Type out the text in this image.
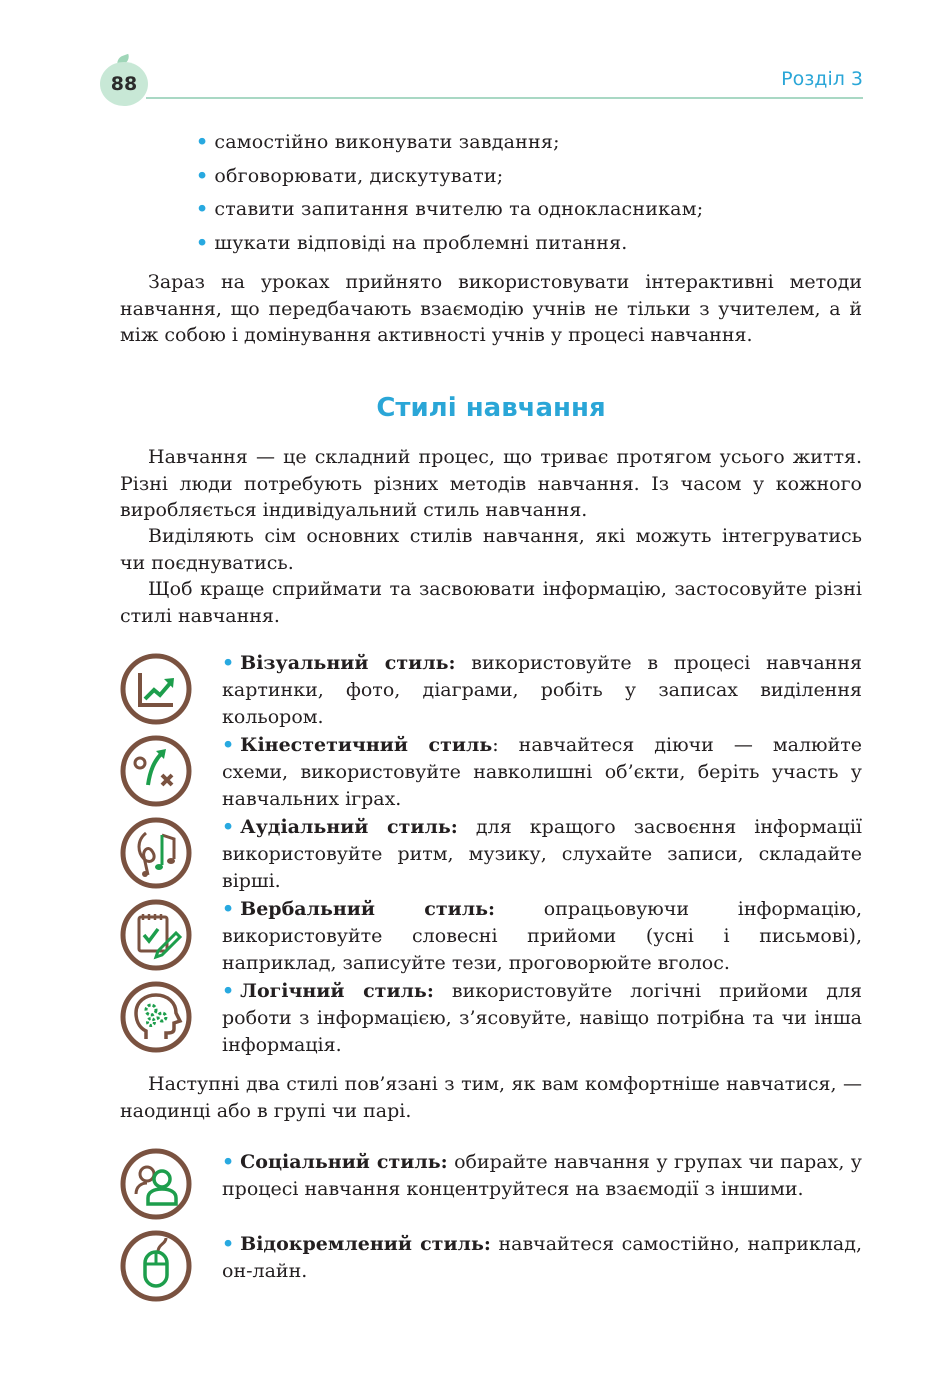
88	Розділ 3
• самостійно виконувати завдання;
• обговорювати, дискутувати;
• ставити запитання вчителю та однокласникам;
• шукати відповіді на проблемні питання.

Зараз на уроках прийнято використовувати інтерактивні методи навчання, що передбачають взаємодію учнів не тільки з учителем, а й між собою і домінування активності учнів у процесі навчання.

Стилі навчання

Навчання — це складний процес, що триває протягом усього життя. Різні люди потребують різних методів навчання. Із часом у кожного виробляється індивідуальний стиль навчання.

Виділяють сім основних стилів навчання, які можуть інтегруватись чи поєднуватись.

Щоб краще сприймати та засвоювати інформацію, застосовуйте різні стилі навчання.

• Візуальний стиль: використовуйте в процесі навчання картинки, фото, діаграми, робіть у записах виділення кольором.

• Кінестетичний стиль: навчайтеся діючи — малюйте схеми, використовуйте навколишні об’єкти, беріть участь у навчальних іграх.

• Аудіальний стиль: для кращого засвоєння інформації використовуйте ритм, музику, слухайте записи, складайте вірші.

• Вербальний стиль: опрацьовуючи інформацію, використовуйте словесні прийоми (усні і письмові), наприклад, записуйте тези, проговорюйте вголос.

• Логічний стиль: використовуйте логічні прийоми для роботи з інформацією, з’ясовуйте, навіщо потрібна та чи інша інформація.

Наступні два стилі пов’язані з тим, як вам комфортніше навчатися, — наодинці або в групі чи парі.

• Соціальний стиль: обирайте навчання у групах чи парах, у процесі навчання концентруйтеся на взаємодії з іншими.

• Відокремлений стиль: навчайтеся самостійно, наприклад, он-лайн.
